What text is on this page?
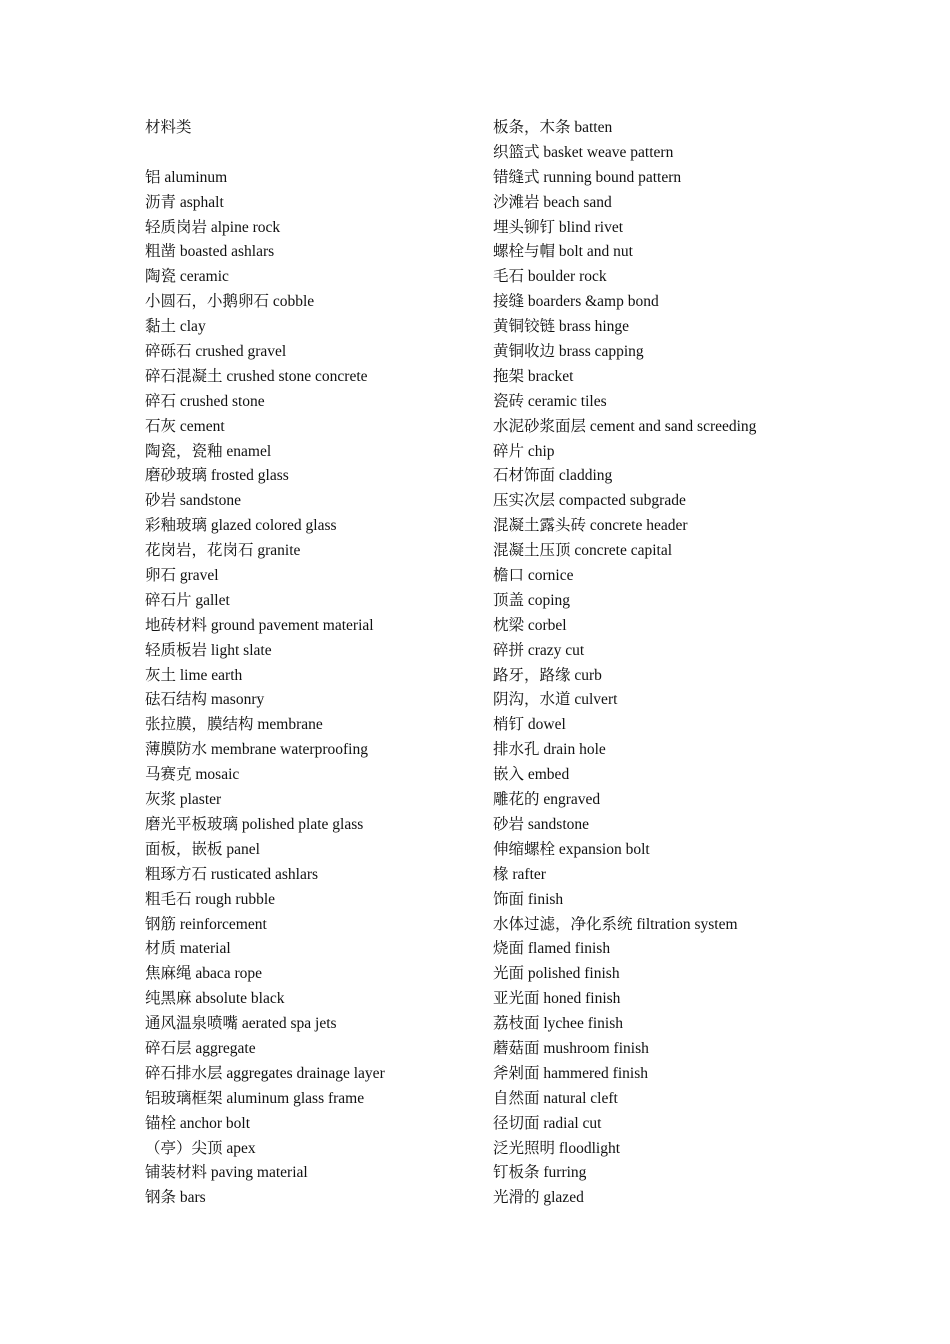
材料类
铝 aluminum
沥青 asphalt
轻质岗岩 alpine rock
粗凿 boasted ashlars
陶瓷 ceramic
小圆石，小鹅卵石 cobble
黏土 clay
碎砾石 crushed gravel
碎石混凝土 crushed stone concrete
碎石 crushed stone
石灰 cement
陶瓷，瓷釉 enamel
磨砂玻璃 frosted glass
砂岩 sandstone
彩釉玻璃 glazed colored glass
花岗岩，花岗石 granite
卵石 gravel
碎石片 gallet
地砖材料 ground pavement material
轻质板岩 light slate
灰土 lime earth
砝石结构 masonry
张拉膜，膜结构 membrane
薄膜防水 membrane waterproofing
马赛克 mosaic
灰浆 plaster
磨光平板玻璃 polished plate glass
面板，嵌板 panel
粗琢方石 rusticated ashlars
粗毛石 rough rubble
钢筋 reinforcement
材质 material
焦麻绳 abaca rope
纯黑麻 absolute black
通风温泉喷嘴 aerated spa jets
碎石层 aggregate
碎石排水层 aggregates drainage layer
铝玻璃框架 aluminum glass frame
锚栓 anchor bolt
（亭）尖顶 apex
铺装材料 paving material
钢条 bars
板条，木条 batten
织篮式 basket weave pattern
错缝式 running bound pattern
沙滩岩 beach sand
埋头铆钉 blind rivet
螺栓与帽 bolt and nut
毛石 boulder rock
接缝 boarders &amp bond
黄铜铰链 brass hinge
黄铜收边 brass capping
拖架 bracket
瓷砖 ceramic tiles
水泥砂浆面层 cement and sand screeding
碎片 chip
石材饰面 cladding
压实次层 compacted subgrade
混凝土露头砖 concrete header
混凝土压顶 concrete capital
檐口 cornice
顶盖 coping
枕梁 corbel
碎拼 crazy cut
路牙，路缘 curb
阴沟，水道 culvert
梢钉 dowel
排水孔 drain hole
嵌入 embed
雕花的 engraved
砂岩 sandstone
伸缩螺栓 expansion bolt
椽 rafter
饰面 finish
水体过滤，净化系统 filtration system
烧面 flamed finish
光面 polished finish
亚光面 honed finish
荔枝面 lychee finish
蘑菇面 mushroom finish
斧剁面 hammered finish
自然面 natural cleft
径切面 radial cut
泛光照明 floodlight
钉板条 furring
光滑的 glazed
